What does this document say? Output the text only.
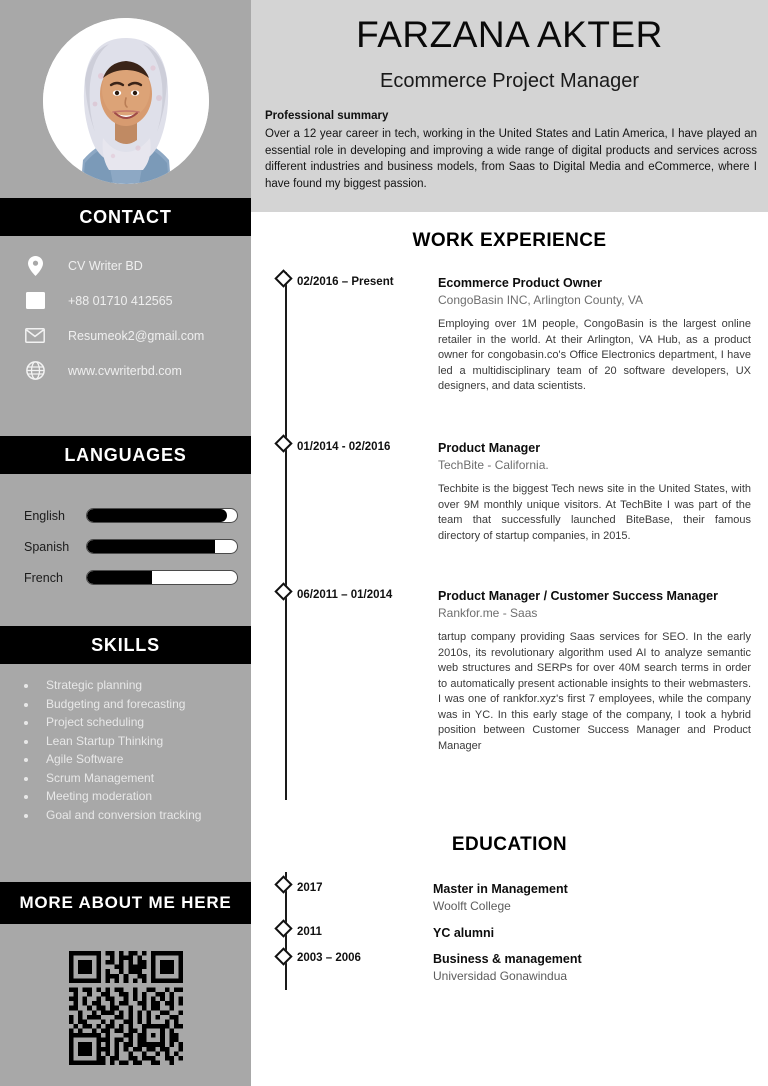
CONTACT
CV Writer BD
+88 01710 412565
Resumeok2@gmail.com
www.cvwriterbd.com
LANGUAGES
English
Spanish
French
SKILLS
Strategic planning
Budgeting and forecasting
Project scheduling
Lean Startup Thinking
Agile Software
Scrum Management
Meeting moderation
Goal and conversion tracking
MORE ABOUT ME HERE
FARZANA AKTER
Ecommerce Project Manager
Professional summary
Over a 12 year career in tech, working in the United States and Latin America, I have played an essential role in developing and improving a wide range of digital products and services across different industries and business models, from Saas to Digital Media and eCommerce, where I have found my biggest passion.
WORK EXPERIENCE
02/2016 – Present	Ecommerce Product Owner
CongoBasin INC, Arlington County, VA
Employing over 1M people, CongoBasin is the largest online retailer in the world. At their Arlington, VA Hub, as a product owner for congobasin.co's Office Electronics department, I have led a multidisciplinary team of 20 software developers, UX designers, and data scientists.
01/2014 - 02/2016	Product Manager
TechBite - California.
Techbite is the biggest Tech news site in the United States, with over 9M monthly unique visitors. At TechBite I was part of the team that successfully launched BiteBase, their famous directory of startup companies, in 2015.
06/2011 – 01/2014	Product Manager / Customer Success Manager
Rankfor.me - Saas
tartup company providing Saas services for SEO. In the early 2010s, its revolutionary algorithm used AI to analyze semantic web structures and SERPs for over 40M search terms in order to automatically present actionable insights to their webmasters. I was one of rankfor.xyz's first 7 employees, while the company was in YC. In this early stage of the company, I took a hybrid position between Customer Success Manager and Product Manager
EDUCATION
2017	Master in Management
Woolft College
2011	YC alumni
2003 – 2006	Business & management
Universidad Gonawindua
